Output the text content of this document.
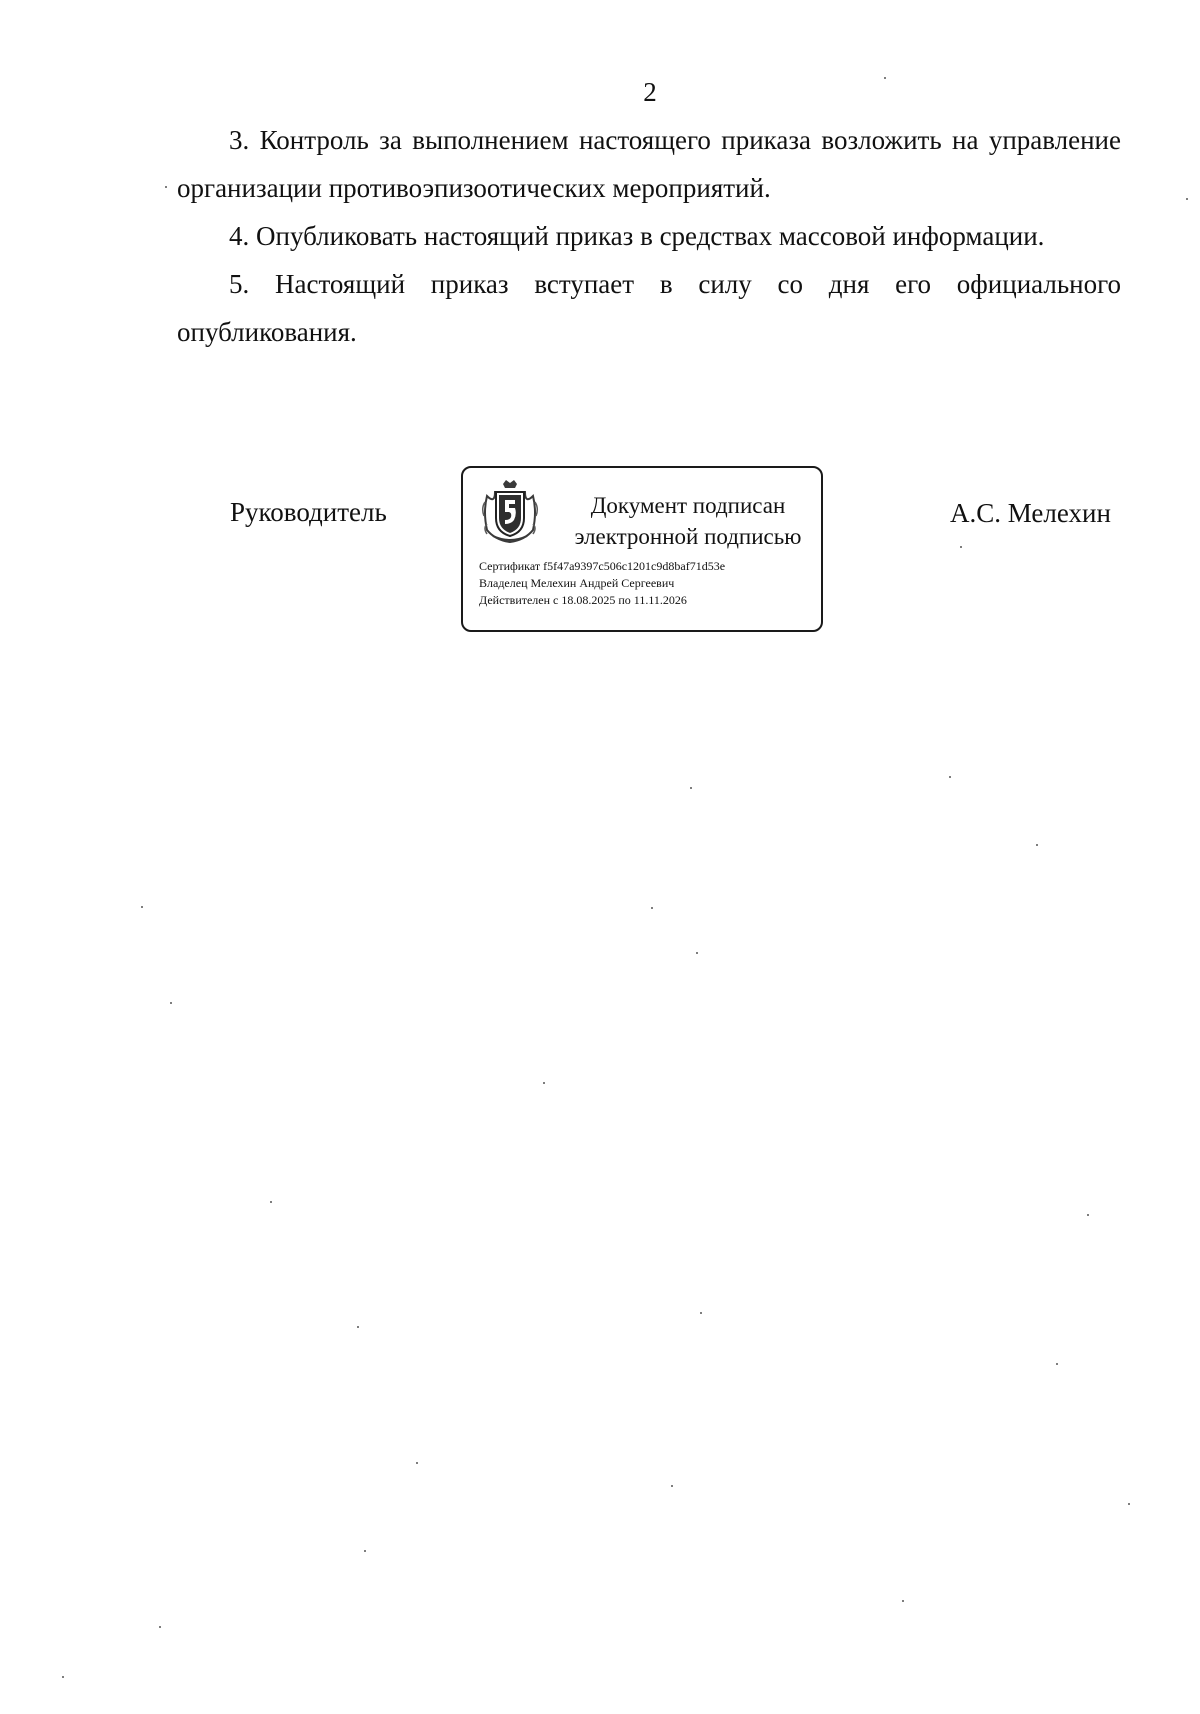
2

3. Контроль за выполнением настоящего приказа возложить на управление организации противоэпизоотических мероприятий.

4. Опубликовать настоящий приказ в средствах массовой информации.

5. Настоящий приказ вступает в силу со дня его официального опубликования.

Руководитель	Документ подписан
электронной подписью
Сертификат f5f47a9397c506c1201c9d8baf71d53e
Владелец Мелехин Андрей Сергеевич
Действителен с 18.08.2025 по 11.11.2026
А.С. Мелехин
